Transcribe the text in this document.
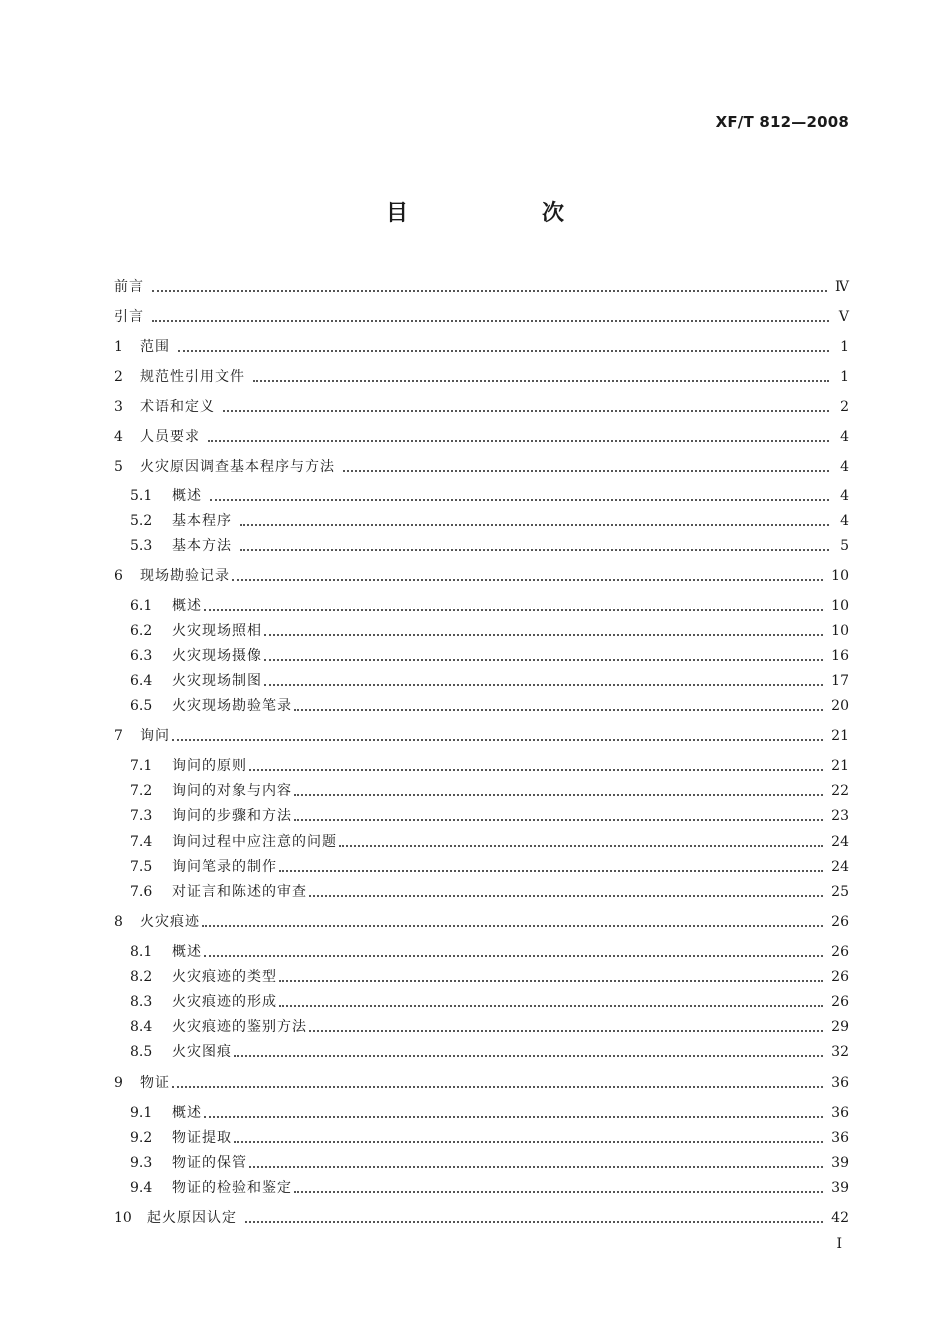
XF/T 812—2008
目　次
前言	Ⅳ
引言	Ⅴ
1	范围	1
2	规范性引用文件	1
3	术语和定义	2
4	人员要求	4
5	火灾原因调查基本程序与方法	4
5.1	概述	4
5.2	基本程序	4
5.3	基本方法	5
6	现场勘验记录	10
6.1	概述	10
6.2	火灾现场照相	10
6.3	火灾现场摄像	16
6.4	火灾现场制图	17
6.5	火灾现场勘验笔录	20
7	询问	21
7.1	询问的原则	21
7.2	询问的对象与内容	22
7.3	询问的步骤和方法	23
7.4	询问过程中应注意的问题	24
7.5	询问笔录的制作	24
7.6	对证言和陈述的审查	25
8	火灾痕迹	26
8.1	概述	26
8.2	火灾痕迹的类型	26
8.3	火灾痕迹的形成	26
8.4	火灾痕迹的鉴别方法	29
8.5	火灾图痕	32
9	物证	36
9.1	概述	36
9.2	物证提取	36
9.3	物证的保管	39
9.4	物证的检验和鉴定	39
10	起火原因认定	42
Ⅰ
